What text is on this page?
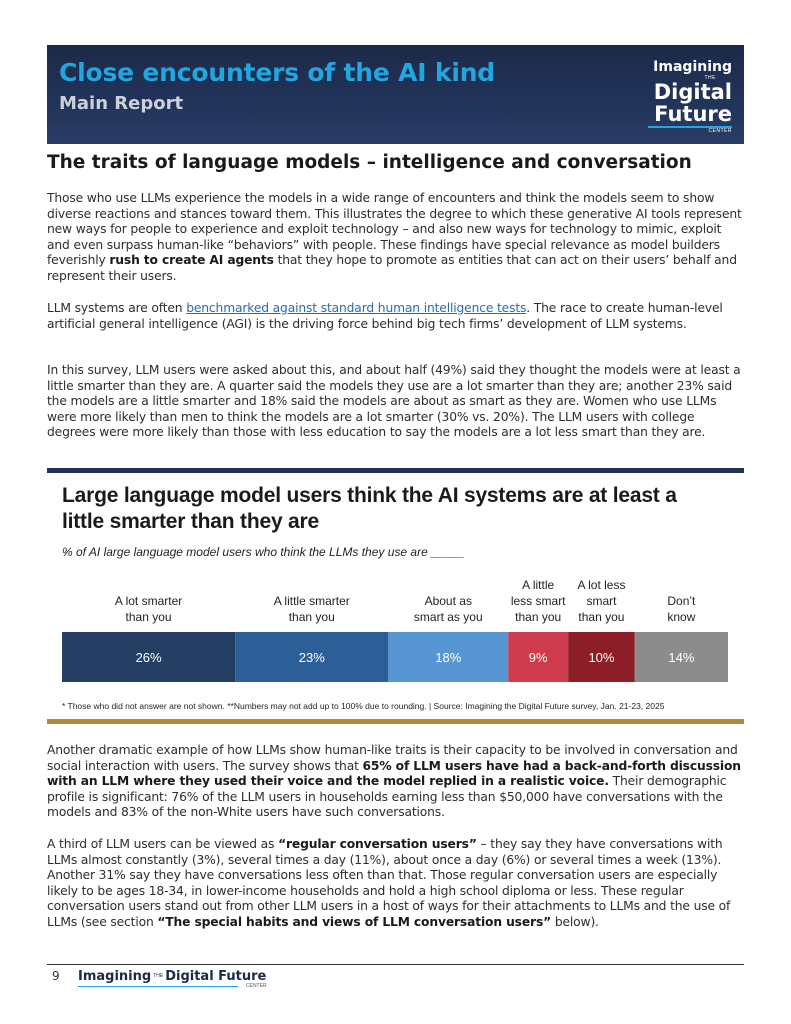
Close encounters of the AI kind
Main Report
Imagining
THE
Digital
Future
CENTER
The traits of language models – intelligence and conversation

Those who use LLMs experience the models in a wide range of encounters and think the models seem to show diverse reactions and stances toward them. This illustrates the degree to which these generative AI tools represent new ways for people to experience and exploit technology – and also new ways for technology to mimic, exploit and even surpass human-like “behaviors” with people. These findings have special relevance as model builders feverishly rush to create AI agents that they hope to promote as entities that can act on their users’ behalf and represent their users.

LLM systems are often benchmarked against standard human intelligence tests. The race to create human-level artificial general intelligence (AGI) is the driving force behind big tech firms’ development of LLM systems.

In this survey, LLM users were asked about this, and about half (49%) said they thought the models were at least a little smarter than they are. A quarter said the models they use are a lot smarter than they are; another 23% said the models are a little smarter and 18% said the models are about as smart as they are. Women who use LLMs were more likely than men to think the models are a lot smarter (30% vs. 20%). The LLM users with college degrees were more likely than those with less education to say the models are a lot less smart than they are.

Large language model users think the AI systems are at least a little smarter than they are
% of AI large language model users who think the LLMs they use are _____
A lot smarter than you
A little smarter than you
About as smart as you
A little less smart than you
A lot less smart than you
Don’t know
26%	23%	18%	9%	10%	14%
* Those who did not answer are not shown. **Numbers may not add up to 100% due to rounding. | Source: Imagining the Digital Future survey, Jan. 21-23, 2025

Another dramatic example of how LLMs show human-like traits is their capacity to be involved in conversation and social interaction with users. The survey shows that 65% of LLM users have had a back-and-forth discussion with an LLM where they used their voice and the model replied in a realistic voice. Their demographic profile is significant: 76% of the LLM users in households earning less than $50,000 have conversations with the models and 83% of the non-White users have such conversations.

A third of LLM users can be viewed as “regular conversation users” – they say they have conversations with LLMs almost constantly (3%), several times a day (11%), about once a day (6%) or several times a week (13%). Another 31% say they have conversations less often than that. Those regular conversation users are especially likely to be ages 18-34, in lower-income households and hold a high school diploma or less. These regular conversation users stand out from other LLM users in a host of ways for their attachments to LLMs and the use of LLMs (see section “The special habits and views of LLM conversation users” below).

9 Imagining THE Digital Future
CENTER
